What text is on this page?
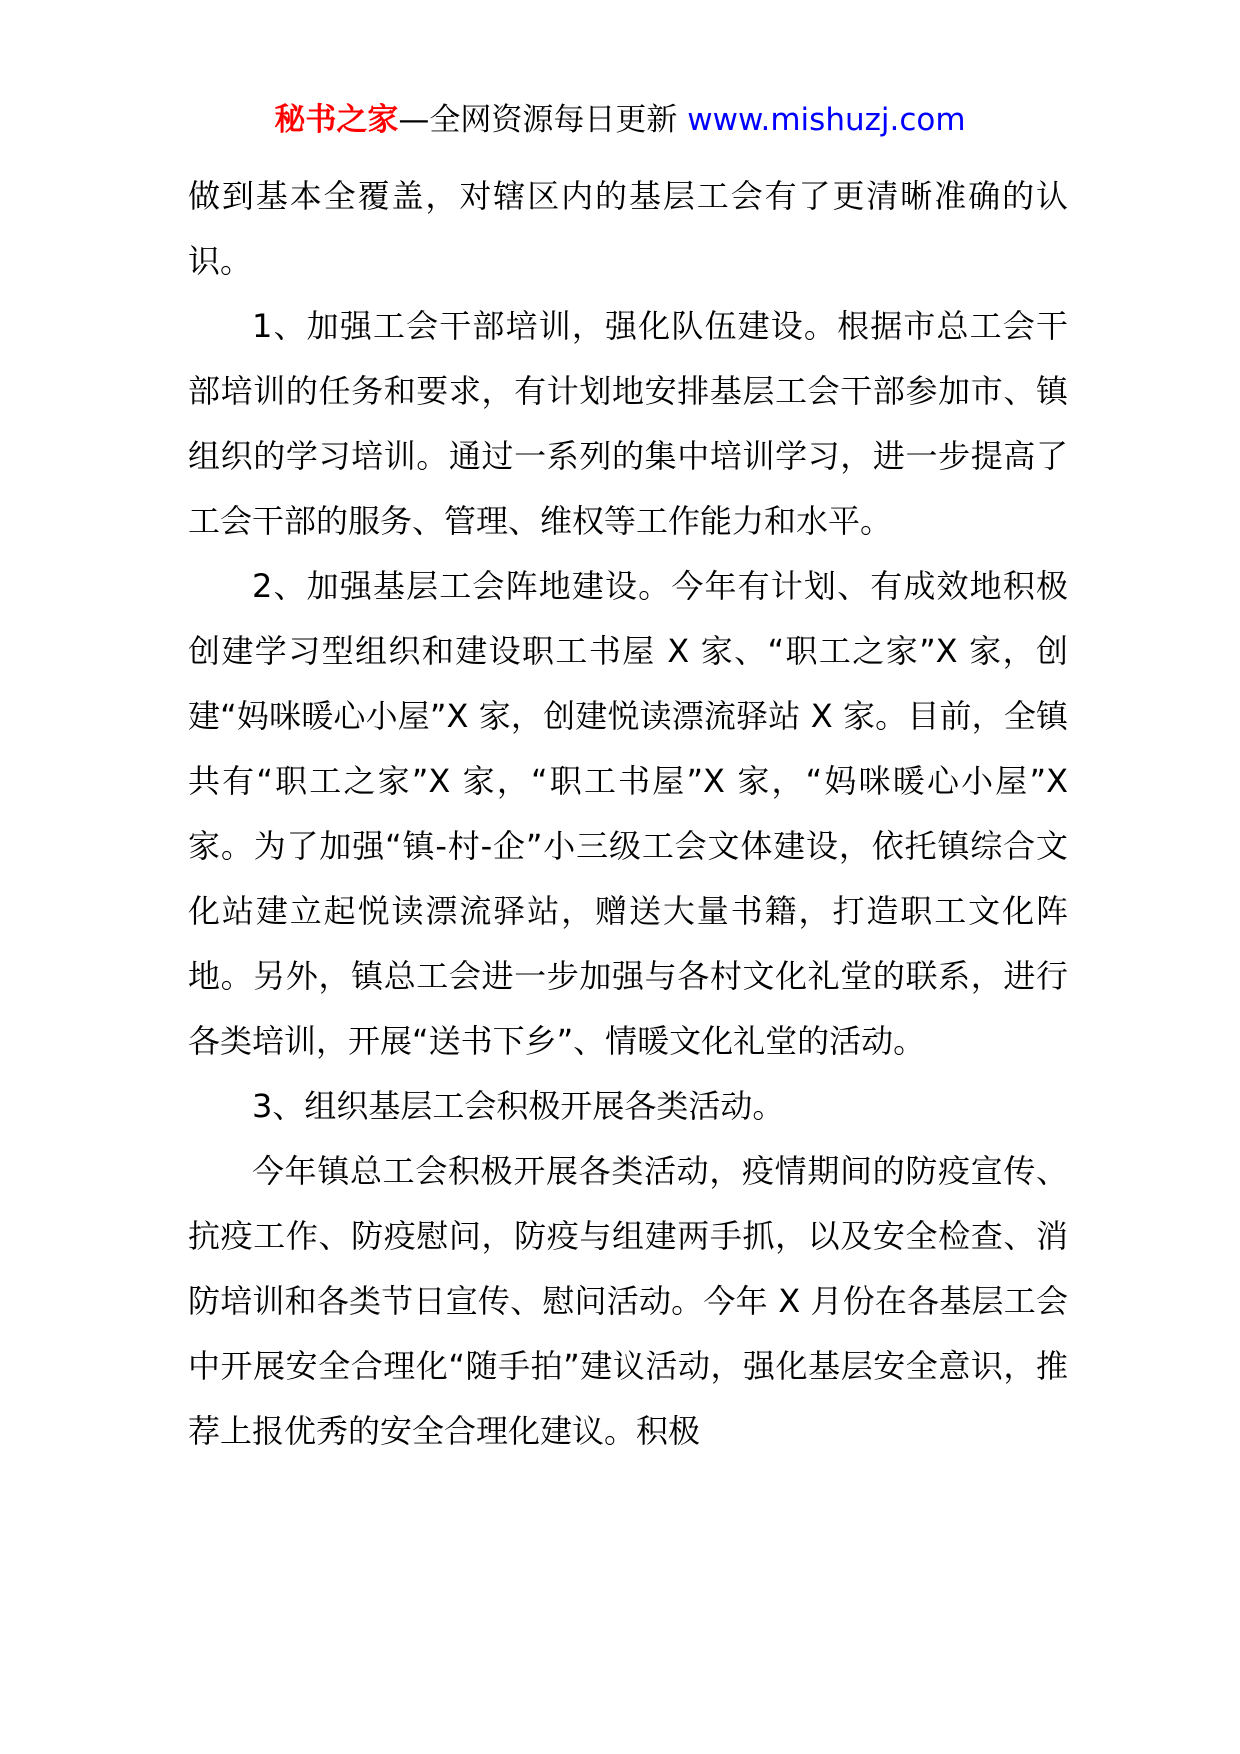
秘书之家—全网资源每日更新 www.mishuzj.com

做到基本全覆盖，对辖区内的基层工会有了更清晰准确的认识。

1、加强工会干部培训，强化队伍建设。根据市总工会干部培训的任务和要求，有计划地安排基层工会干部参加市、镇组织的学习培训。通过一系列的集中培训学习，进一步提高了工会干部的服务、管理、维权等工作能力和水平。

2、加强基层工会阵地建设。今年有计划、有成效地积极创建学习型组织和建设职工书屋 X 家、“职工之家”X 家，创建“妈咪暖心小屋”X 家，创建悦读漂流驿站 X 家。目前，全镇共有“职工之家”X 家，“职工书屋”X 家，“妈咪暖心小屋”X 家。为了加强“镇-村-企”小三级工会文体建设，依托镇综合文化站建立起悦读漂流驿站，赠送大量书籍，打造职工文化阵地。另外，镇总工会进一步加强与各村文化礼堂的联系，进行各类培训，开展“送书下乡”、情暖文化礼堂的活动。

3、组织基层工会积极开展各类活动。

今年镇总工会积极开展各类活动，疫情期间的防疫宣传、抗疫工作、防疫慰问，防疫与组建两手抓，以及安全检查、消防培训和各类节日宣传、慰问活动。今年 X 月份在各基层工会中开展安全合理化“随手拍”建议活动，强化基层安全意识，推荐上报优秀的安全合理化建议。积极
